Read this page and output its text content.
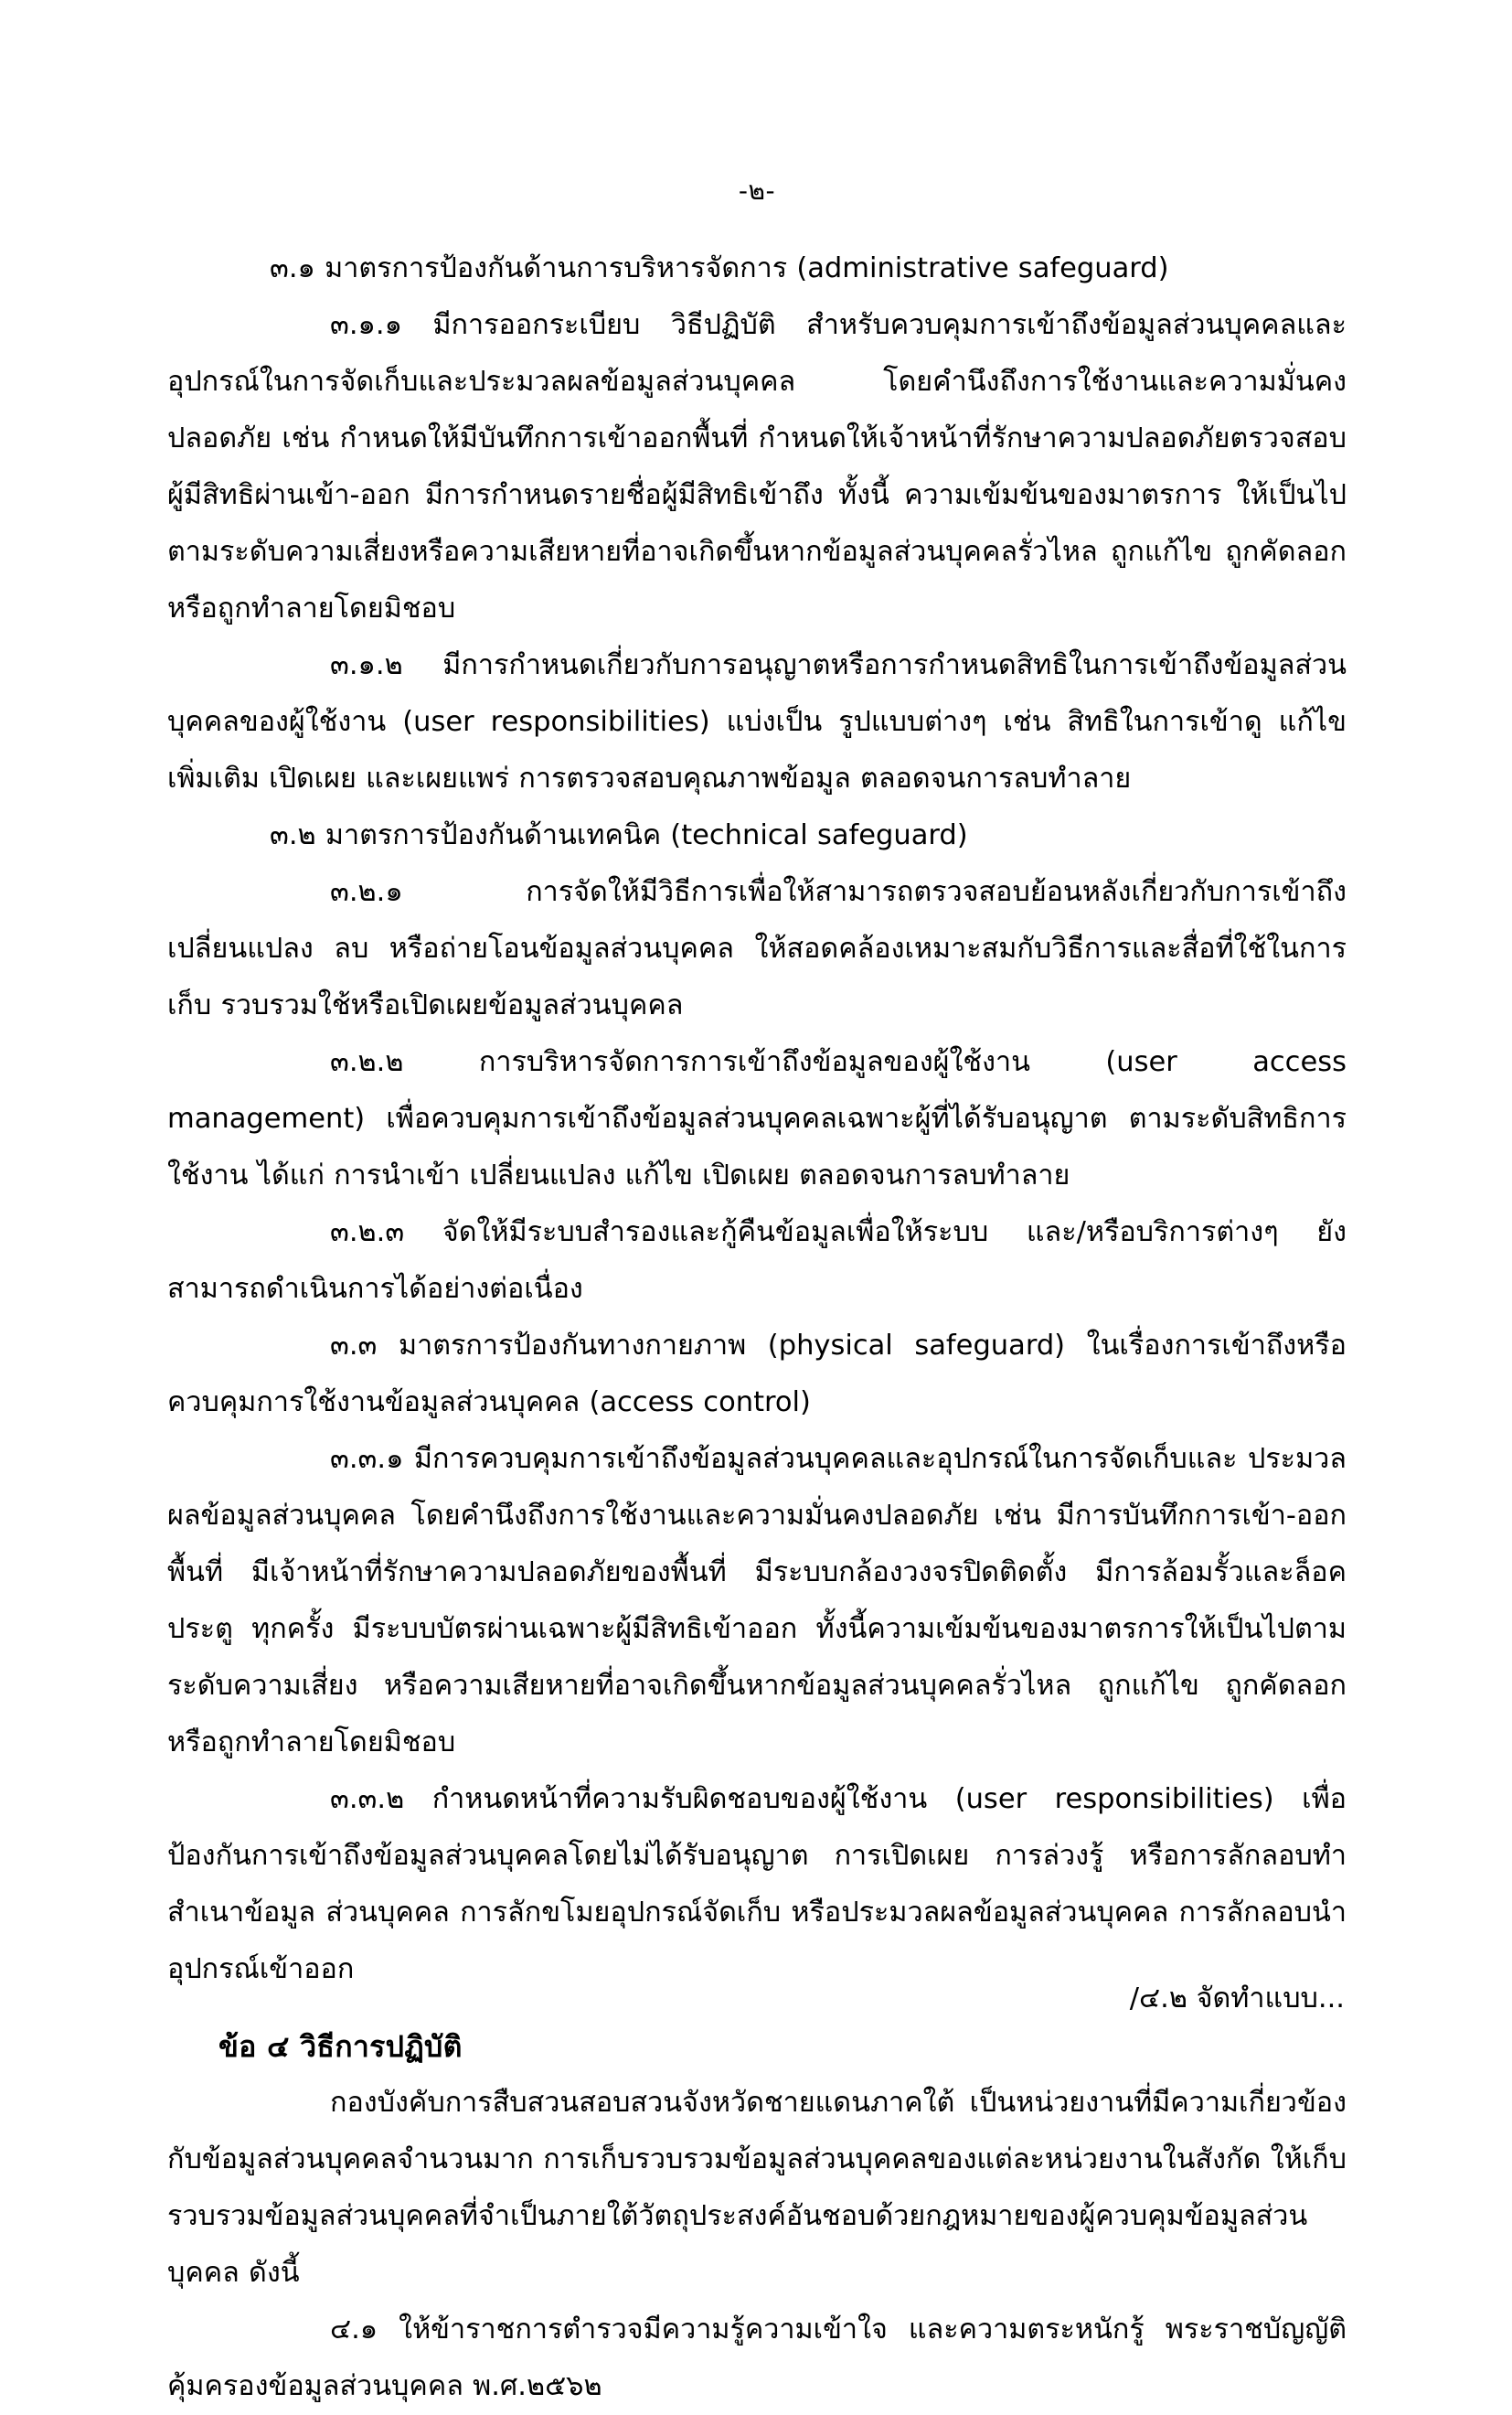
-๒-

๓.๑ มาตรการป้องกันด้านการบริหารจัดการ (administrative safeguard)

๓.๑.๑ มีการออกระเบียบ วิธีปฏิบัติ สำหรับควบคุมการเข้าถึงข้อมูลส่วนบุคคลและอุปกรณ์ในการจัดเก็บและประมวลผลข้อมูลส่วนบุคคล โดยคำนึงถึงการใช้งานและความมั่นคงปลอดภัย เช่น กำหนดให้มีบันทึกการเข้าออกพื้นที่ กำหนดให้เจ้าหน้าที่รักษาความปลอดภัยตรวจสอบผู้มีสิทธิผ่านเข้า-ออก มีการกำหนดรายชื่อผู้มีสิทธิเข้าถึง ทั้งนี้ ความเข้มข้นของมาตรการ ให้เป็นไปตามระดับความเสี่ยงหรือความเสียหายที่อาจเกิดขึ้นหากข้อมูลส่วนบุคคลรั่วไหล ถูกแก้ไข ถูกคัดลอก หรือถูกทำลายโดยมิชอบ

๓.๑.๒ มีการกำหนดเกี่ยวกับการอนุญาตหรือการกำหนดสิทธิในการเข้าถึงข้อมูลส่วนบุคคลของผู้ใช้งาน (user responsibilities) แบ่งเป็น รูปแบบต่างๆ เช่น สิทธิในการเข้าดู แก้ไข เพิ่มเติม เปิดเผย และเผยแพร่ การตรวจสอบคุณภาพข้อมูล ตลอดจนการลบทำลาย

๓.๒ มาตรการป้องกันด้านเทคนิค (technical safeguard)

๓.๒.๑ การจัดให้มีวิธีการเพื่อให้สามารถตรวจสอบย้อนหลังเกี่ยวกับการเข้าถึง เปลี่ยนแปลง ลบ หรือถ่ายโอนข้อมูลส่วนบุคคล ให้สอดคล้องเหมาะสมกับวิธีการและสื่อที่ใช้ในการเก็บ รวบรวมใช้หรือเปิดเผยข้อมูลส่วนบุคคล

๓.๒.๒ การบริหารจัดการการเข้าถึงข้อมูลของผู้ใช้งาน (user access management) เพื่อควบคุมการเข้าถึงข้อมูลส่วนบุคคลเฉพาะผู้ที่ได้รับอนุญาต ตามระดับสิทธิการใช้งาน ได้แก่ การนำเข้า เปลี่ยนแปลง แก้ไข เปิดเผย ตลอดจนการลบทำลาย

๓.๒.๓ จัดให้มีระบบสำรองและกู้คืนข้อมูลเพื่อให้ระบบ และ/หรือบริการต่างๆ ยังสามารถดำเนินการได้อย่างต่อเนื่อง

๓.๓ มาตรการป้องกันทางกายภาพ (physical safeguard) ในเรื่องการเข้าถึงหรือควบคุมการใช้งานข้อมูลส่วนบุคคล (access control)

๓.๓.๑ มีการควบคุมการเข้าถึงข้อมูลส่วนบุคคลและอุปกรณ์ในการจัดเก็บและ ประมวลผลข้อมูลส่วนบุคคล โดยคำนึงถึงการใช้งานและความมั่นคงปลอดภัย เช่น มีการบันทึกการเข้า-ออก พื้นที่ มีเจ้าหน้าที่รักษาความปลอดภัยของพื้นที่ มีระบบกล้องวงจรปิดติดตั้ง มีการล้อมรั้วและล็อคประตู ทุกครั้ง มีระบบบัตรผ่านเฉพาะผู้มีสิทธิเข้าออก ทั้งนี้ความเข้มข้นของมาตรการให้เป็นไปตามระดับความเสี่ยง หรือความเสียหายที่อาจเกิดขึ้นหากข้อมูลส่วนบุคคลรั่วไหล ถูกแก้ไข ถูกคัดลอก หรือถูกทำลายโดยมิชอบ

๓.๓.๒ กำหนดหน้าที่ความรับผิดชอบของผู้ใช้งาน (user responsibilities) เพื่อป้องกันการเข้าถึงข้อมูลส่วนบุคคลโดยไม่ได้รับอนุญาต การเปิดเผย การล่วงรู้ หรือการลักลอบทำสำเนาข้อมูล ส่วนบุคคล การลักขโมยอุปกรณ์จัดเก็บ หรือประมวลผลข้อมูลส่วนบุคคล การลักลอบนำอุปกรณ์เข้าออก

ข้อ ๔ วิธีการปฏิบัติ

กองบังคับการสืบสวนสอบสวนจังหวัดชายแดนภาคใต้ เป็นหน่วยงานที่มีความเกี่ยวข้องกับข้อมูลส่วนบุคคลจำนวนมาก การเก็บรวบรวมข้อมูลส่วนบุคคลของแต่ละหน่วยงานในสังกัด ให้เก็บรวบรวมข้อมูลส่วนบุคคลที่จำเป็นภายใต้วัตถุประสงค์อันชอบด้วยกฎหมายของผู้ควบคุมข้อมูลส่วนบุคคล ดังนี้

๔.๑ ให้ข้าราชการตำรวจมีความรู้ความเข้าใจ และความตระหนักรู้ พระราชบัญญัติคุ้มครองข้อมูลส่วนบุคคล พ.ศ.๒๕๖๒

/๔.๒ จัดทำแบบ...
